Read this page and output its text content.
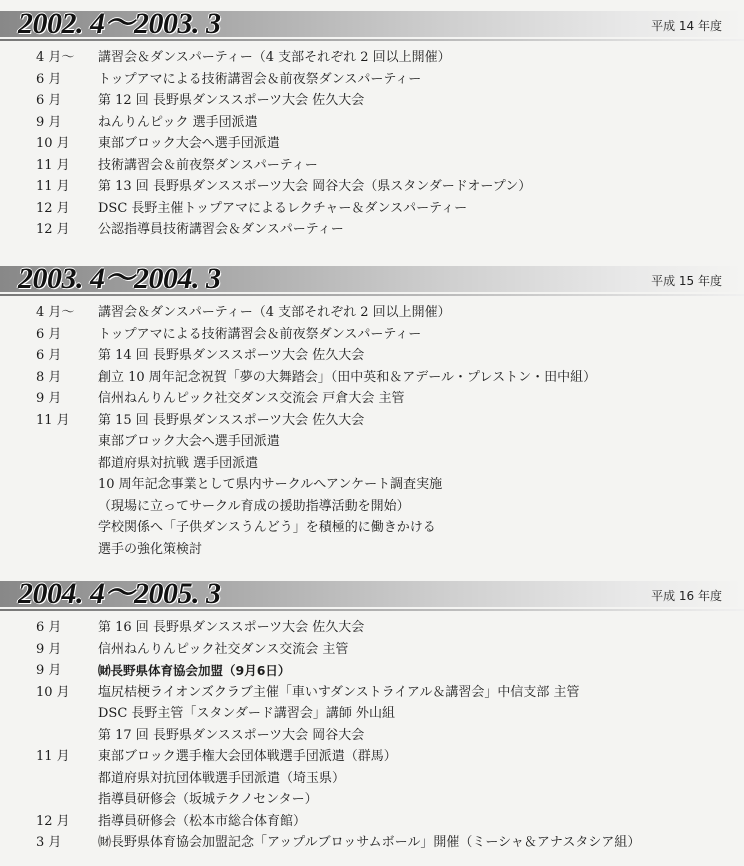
2002. 4～2003. 3	平成 14 年度
4 月～	講習会＆ダンスパーティー（4 支部それぞれ 2 回以上開催）
6 月	トップアマによる技術講習会＆前夜祭ダンスパーティー
6 月	第 12 回 長野県ダンススポーツ大会 佐久大会
9 月	ねんりんピック 選手団派遣
10 月	東部ブロック大会へ選手団派遣
11 月	技術講習会＆前夜祭ダンスパーティー
11 月	第 13 回 長野県ダンススポーツ大会 岡谷大会（県スタンダードオープン）
12 月	DSC 長野主催トップアマによるレクチャー＆ダンスパーティー
12 月	公認指導員技術講習会＆ダンスパーティー
2003. 4～2004. 3	平成 15 年度
4 月～	講習会＆ダンスパーティー（4 支部それぞれ 2 回以上開催）
6 月	トップアマによる技術講習会＆前夜祭ダンスパーティー
6 月	第 14 回 長野県ダンススポーツ大会 佐久大会
8 月	創立 10 周年記念祝賀「夢の大舞踏会」（田中英和＆アデール・プレストン・田中組）
9 月	信州ねんりんピック社交ダンス交流会 戸倉大会 主管
11 月	第 15 回 長野県ダンススポーツ大会 佐久大会
東部ブロック大会へ選手団派遣
都道府県対抗戦 選手団派遣
10 周年記念事業として県内サークルへアンケート調査実施
（現場に立ってサークル育成の援助指導活動を開始）
学校関係へ「子供ダンスうんどう」を積極的に働きかける
選手の強化策検討
2004. 4～2005. 3	平成 16 年度
6 月	第 16 回 長野県ダンススポーツ大会 佐久大会
9 月	信州ねんりんピック社交ダンス交流会 主管
9 月	㈶長野県体育協会加盟（9月6日）
10 月	塩尻桔梗ライオンズクラブ主催「車いすダンストライアル＆講習会」中信支部 主管
DSC 長野主管「スタンダード講習会」講師 外山組
第 17 回 長野県ダンススポーツ大会 岡谷大会
11 月	東部ブロック選手権大会団体戦選手団派遣（群馬）
都道府県対抗団体戦選手団派遣（埼玉県）
指導員研修会（坂城テクノセンター）
12 月	指導員研修会（松本市総合体育館）
3 月	㈶長野県体育協会加盟記念「アップルブロッサムボール」開催（ミーシャ＆アナスタシア組）
